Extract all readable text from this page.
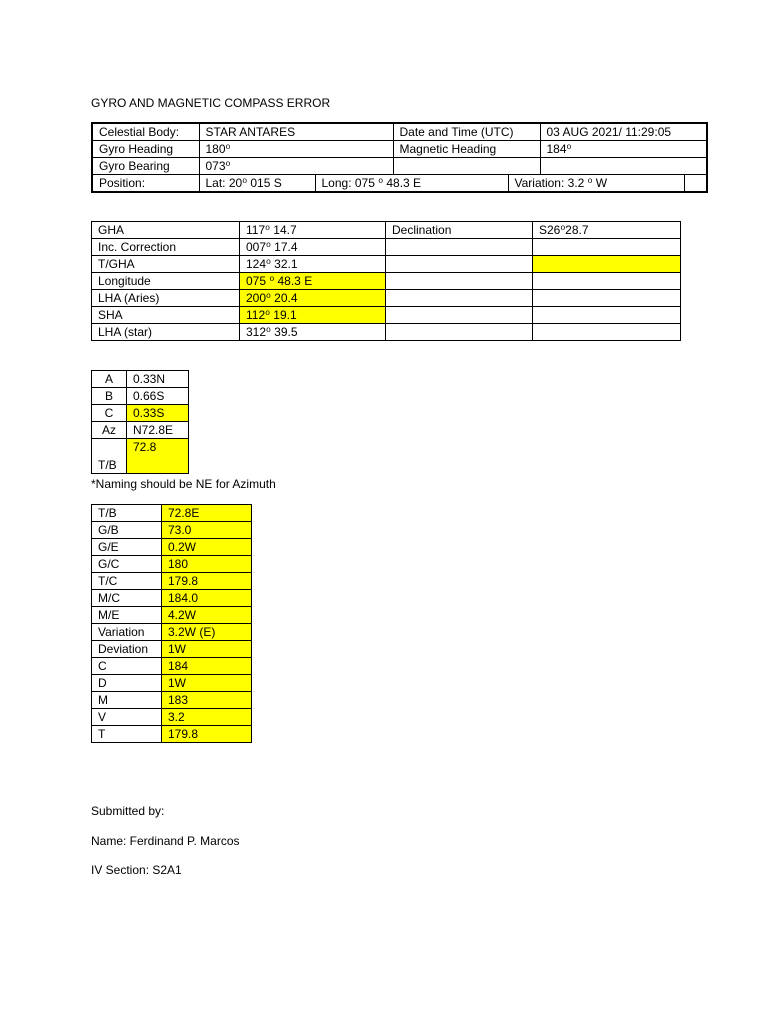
GYRO AND MAGNETIC COMPASS ERROR
Celestial Body:	STAR ANTARES	Date and Time (UTC)	03 AUG 2021/ 11:29:05	
Gyro Heading	180⁰	Magnetic Heading	184⁰	
Gyro Bearing	073⁰			
Position:	Lat: 20⁰ 015 S Long: 075 ⁰ 48.3 E Variation: 3.2 ⁰ W			

GHA	117⁰ 14.7	Declination	S26⁰28.7
Inc. Correction	007⁰ 17.4		
T/GHA	124⁰ 32.1		
Longitude	075 ⁰ 48.3 E		
LHA (Aries)	200⁰ 20.4		
SHA	112⁰ 19.1		
LHA (star)	312⁰ 39.5		
A	0.33N
B	0.66S
C	0.33S
Az	N72.8E
T/B	72.8
*Naming should be NE for Azimuth
T/B	72.8E
G/B	73.0
G/E	0.2W
G/C	180
T/C	179.8
M/C	184.0
M/E	4.2W
Variation	3.2W (E)
Deviation	1W
C	184
D	1W
M	183
V	3.2
T	179.8
Submitted by:
Name: Ferdinand P. Marcos
IV Section: S2A1
